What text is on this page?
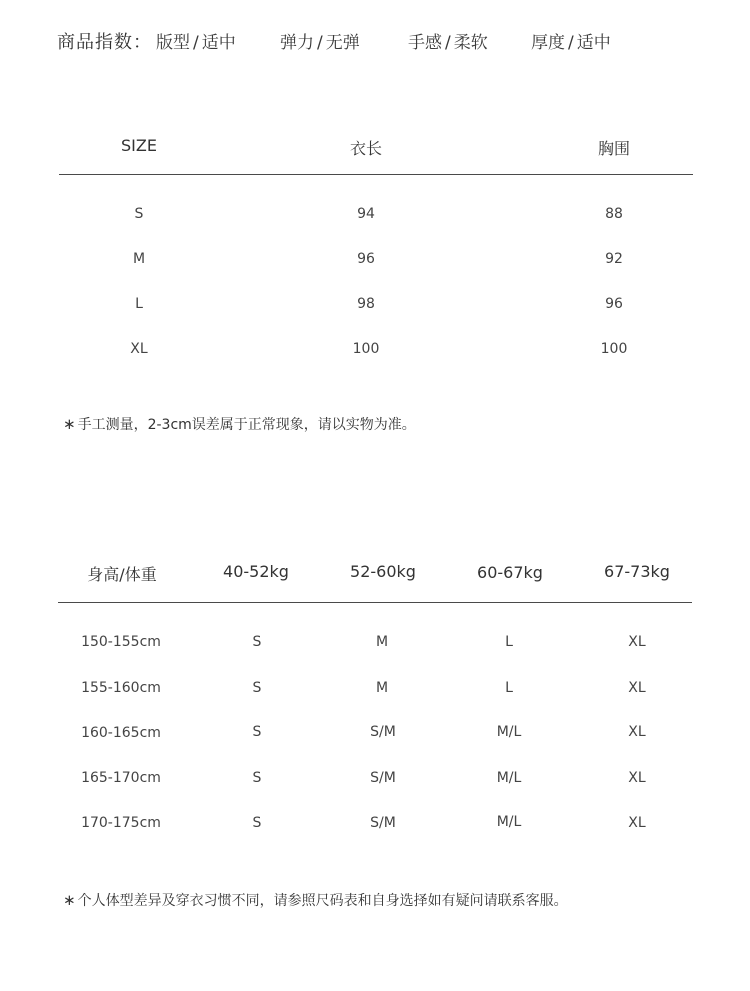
商品指数： 版型 / 适中	弹力 / 无弹	手感 / 柔软	厚度 / 适中
SIZE	衣长	胸围
S	94	88
M	96	92
L	98	96
XL	100	100
∗ 手工测量，2-3cm误差属于正常现象，请以实物为准。
身高/体重	40-52kg	52-60kg	60-67kg	67-73kg
150-155cm	S	M	L	XL
155-160cm	S	M	L	XL
160-165cm	S	S/M	M/L	XL
165-170cm	S	S/M	M/L	XL
170-175cm	S	S/M	M/L	XL
∗ 个人体型差异及穿衣习惯不同，请参照尺码表和自身选择如有疑问请联系客服。
